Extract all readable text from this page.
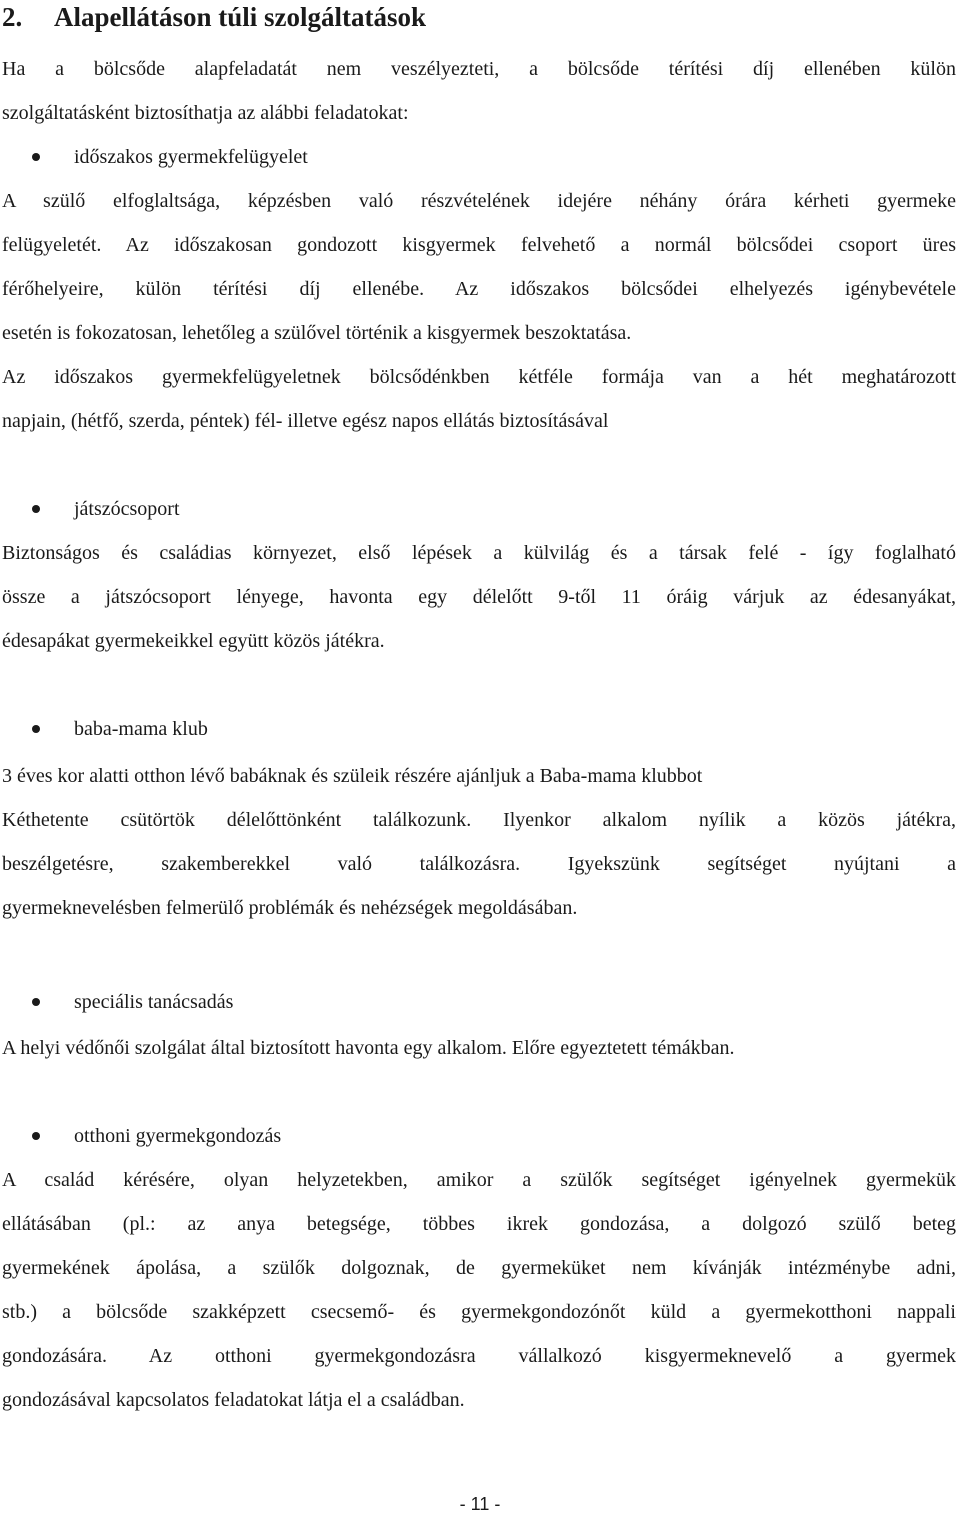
2. Alapellátáson túli szolgáltatások

Ha a bölcsőde alapfeladatát nem veszélyezteti, a bölcsőde térítési díj ellenében külön
szolgáltatásként biztosíthatja az alábbi feladatokat:

időszakos gyermekfelügyelet

A szülő elfoglaltsága, képzésben való részvételének idejére néhány órára kérheti gyermeke
felügyeletét. Az időszakosan gondozott kisgyermek felvehető a normál bölcsődei csoport üres
férőhelyeire, külön térítési díj ellenébe. Az időszakos bölcsődei elhelyezés igénybevétele
esetén is fokozatosan, lehetőleg a szülővel történik a kisgyermek beszoktatása.
Az időszakos gyermekfelügyeletnek bölcsődénkben kétféle formája van a hét meghatározott
napjain, (hétfő, szerda, péntek) fél- illetve egész napos ellátás biztosításával

játszócsoport

Biztonságos és családias környezet, első lépések a külvilág és a társak felé - így foglalható
össze a játszócsoport lényege, havonta egy délelőtt 9-től 11 óráig várjuk az édesanyákat,
édesapákat gyermekeikkel együtt közös játékra.

baba-mama klub

3 éves kor alatti otthon lévő babáknak és szüleik részére ajánljuk a Baba-mama klubbot
Kéthetente csütörtök délelőttönként találkozunk. Ilyenkor alkalom nyílik a közös játékra,
beszélgetésre, szakemberekkel való találkozásra. Igyekszünk segítséget nyújtani a
gyermeknevelésben felmerülő problémák és nehézségek megoldásában.

speciális tanácsadás

A helyi védőnői szolgálat által biztosított havonta egy alkalom. Előre egyeztetett témákban.

otthoni gyermekgondozás

A család kérésére, olyan helyzetekben, amikor a szülők segítséget igényelnek gyermekük
ellátásában (pl.: az anya betegsége, többes ikrek gondozása, a dolgozó szülő beteg
gyermekének ápolása, a szülők dolgoznak, de gyermeküket nem kívánják intézménybe adni,
stb.) a bölcsőde szakképzett csecsemő- és gyermekgondozónőt küld a gyermekotthoni nappali
gondozására. Az otthoni gyermekgondozásra vállalkozó kisgyermeknevelő a gyermek
gondozásával kapcsolatos feladatokat látja el a családban.

- 11 -
